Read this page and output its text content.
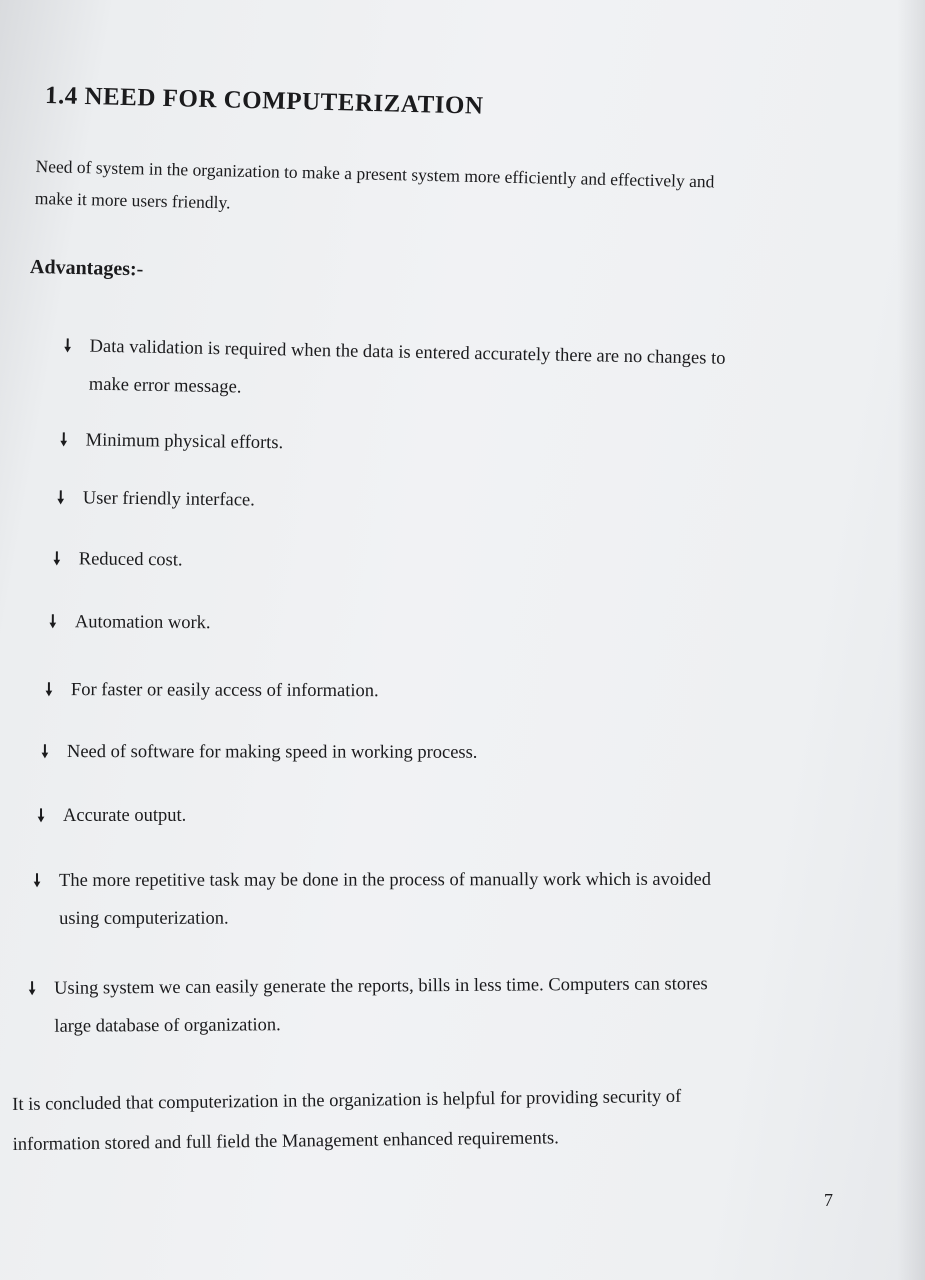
1.4 NEED FOR COMPUTERIZATION

Need of system in the organization to make a present system more efficiently and effectively and
make it more users friendly.

Advantages:-
🠗 Data validation is required when the data is entered accurately there are no changes to
make error message.
🠗 Minimum physical efforts.
🠗 User friendly interface.
🠗 Reduced cost.
🠗 Automation work.
🠗 For faster or easily access of information.
🠗 Need of software for making speed in working process.
🠗 Accurate output.
🠗 The more repetitive task may be done in the process of manually work which is avoided
using computerization.
🠗 Using system we can easily generate the reports, bills in less time. Computers can stores
large database of organization.

It is concluded that computerization in the organization is helpful for providing security of
information stored and full field the Management enhanced requirements.

7
